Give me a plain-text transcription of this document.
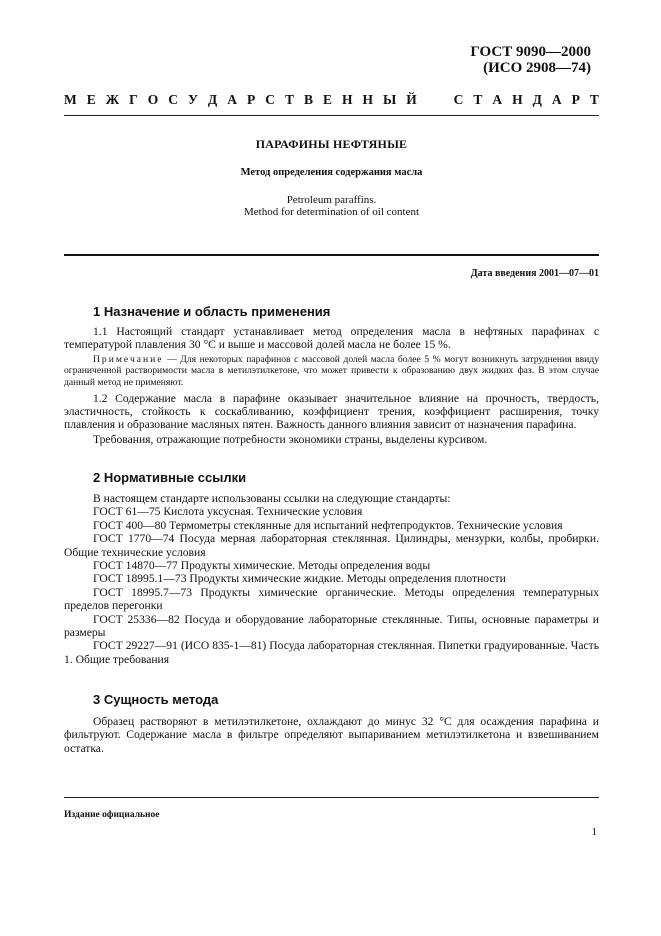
ГОСТ 9090—2000
(ИСО 2908—74)
М Е Ж Г О С У Д А Р С Т В Е Н Н Ы Й

	С Т А Н Д А Р Т
ПАРАФИНЫ НЕФТЯНЫЕ
Метод определения содержания масла
Petroleum paraffins.
Method for determination of oil content
Дата введения 2001—07—01
1 Назначение и область применения

1.1 Настоящий стандарт устанавливает метод определения масла в нефтяных парафинах с температурой плавления 30 °С и выше и массовой долей масла не более 15 %.

Примечание — Для некоторых парафинов с массовой долей масла более 5 % могут возникнуть затруднения ввиду ограниченной растворимости масла в метилэтилкетоне, что может привести к образованию двух жидких фаз. В этом случае данный метод не применяют.

1.2 Содержание масла в парафине оказывает значительное влияние на прочность, твердость, эластичность, стойкость к соскабливанию, коэффициент трения, коэффициент расширения, точку плавления и образование масляных пятен. Важность данного влияния зависит от назначения парафина.

Требования, отражающие потребности экономики страны, выделены курсивом.

2 Нормативные ссылки

В настоящем стандарте использованы ссылки на следующие стандарты:

ГОСТ 61—75 Кислота уксусная. Технические условия

ГОСТ 400—80 Термометры стеклянные для испытаний нефтепродуктов. Технические условия

ГОСТ 1770—74 Посуда мерная лабораторная стеклянная. Цилиндры, мензурки, колбы, пробирки. Общие технические условия

ГОСТ 14870—77 Продукты химические. Методы определения воды

ГОСТ 18995.1—73 Продукты химические жидкие. Методы определения плотности

ГОСТ 18995.7—73 Продукты химические органические. Методы определения температурных пределов перегонки

ГОСТ 25336—82 Посуда и оборудование лабораторные стеклянные. Типы, основные параметры и размеры

ГОСТ 29227—91 (ИСО 835-1—81) Посуда лабораторная стеклянная. Пипетки градуированные. Часть 1. Общие требования

3 Сущность метода

Образец растворяют в метилэтилкетоне, охлаждают до минус 32 °С для осаждения парафина и фильтруют. Содержание масла в фильтре определяют выпариванием метилэтилкетона и взвешиванием остатка.

Издание официальное
1
